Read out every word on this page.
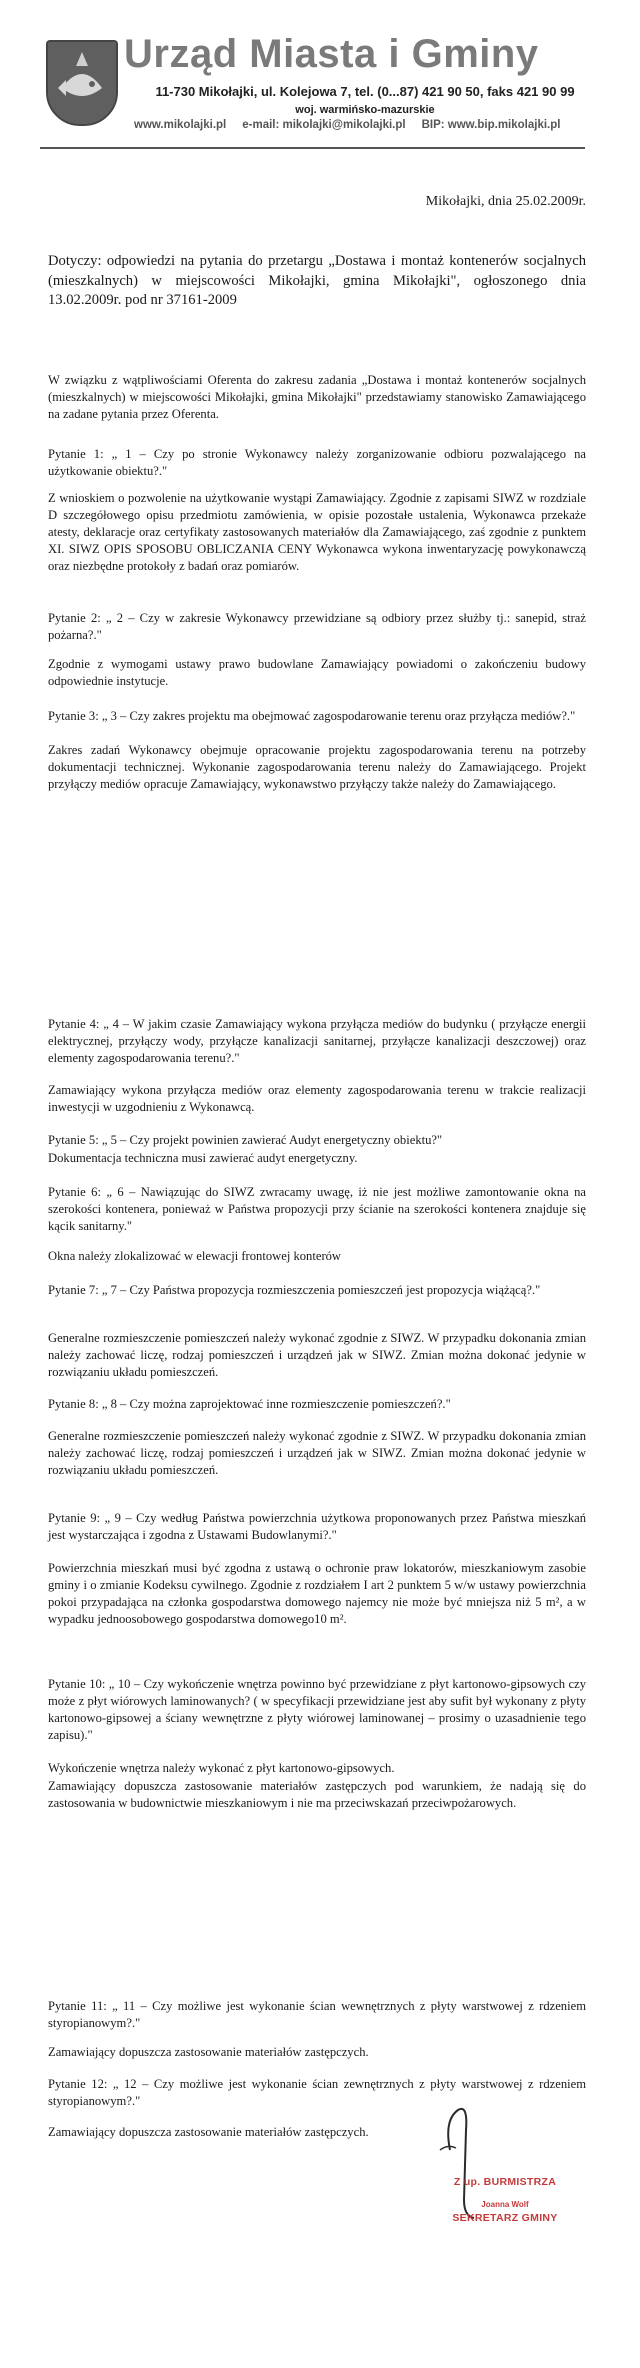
Urząd Miasta i Gminy
11-730 Mikołajki, ul. Kolejowa 7, tel. (0...87) 421 90 50, faks 421 90 99
woj. warmińsko-mazurskie
www.mikolajki.pl e-mail: mikolajki@mikolajki.pl BIP: www.bip.mikolajki.pl
Mikołajki, dnia 25.02.2009r.

Dotyczy: odpowiedzi na pytania do przetargu „Dostawa i montaż kontenerów socjalnych (mieszkalnych) w miejscowości Mikołajki, gmina Mikołajki", ogłoszonego dnia 13.02.2009r. pod nr 37161-2009

W związku z wątpliwościami Oferenta do zakresu zadania „Dostawa i montaż kontenerów socjalnych (mieszkalnych) w miejscowości Mikołajki, gmina Mikołajki" przedstawiamy stanowisko Zamawiającego na zadane pytania przez Oferenta.

Pytanie 1: „ 1 – Czy po stronie Wykonawcy należy zorganizowanie odbioru pozwalającego na użytkowanie obiektu?."

Z wnioskiem o pozwolenie na użytkowanie wystąpi Zamawiający. Zgodnie z zapisami SIWZ w rozdziale D szczegółowego opisu przedmiotu zamówienia, w opisie pozostałe ustalenia, Wykonawca przekaże atesty, deklaracje oraz certyfikaty zastosowanych materiałów dla Zamawiającego, zaś zgodnie z punktem XI. SIWZ OPIS SPOSOBU OBLICZANIA CENY Wykonawca wykona inwentaryzację powykonawczą oraz niezbędne protokoły z badań oraz pomiarów.

Pytanie 2: „ 2 – Czy w zakresie Wykonawcy przewidziane są odbiory przez służby tj.: sanepid, straż pożarna?."

Zgodnie z wymogami ustawy prawo budowlane Zamawiający powiadomi o zakończeniu budowy odpowiednie instytucje.

Pytanie 3: „ 3 – Czy zakres projektu ma obejmować zagospodarowanie terenu oraz przyłącza mediów?."

Zakres zadań Wykonawcy obejmuje opracowanie projektu zagospodarowania terenu na potrzeby dokumentacji technicznej. Wykonanie zagospodarowania terenu należy do Zamawiającego. Projekt przyłączy mediów opracuje Zamawiający, wykonawstwo przyłączy także należy do Zamawiającego.

Pytanie 4: „ 4 – W jakim czasie Zamawiający wykona przyłącza mediów do budynku ( przyłącze energii elektrycznej, przyłączy wody, przyłącze kanalizacji sanitarnej, przyłącze kanalizacji deszczowej) oraz elementy zagospodarowania terenu?."

Zamawiający wykona przyłącza mediów oraz elementy zagospodarowania terenu w trakcie realizacji inwestycji w uzgodnieniu z Wykonawcą.

Pytanie 5: „ 5 – Czy projekt powinien zawierać Audyt energetyczny obiektu?"

Dokumentacja techniczna musi zawierać audyt energetyczny.

Pytanie 6: „ 6 – Nawiązując do SIWZ zwracamy uwagę, iż nie jest możliwe zamontowanie okna na szerokości kontenera, ponieważ w Państwa propozycji przy ścianie na szerokości kontenera znajduje się kącik sanitarny."

Okna należy zlokalizować w elewacji frontowej konterów

Pytanie 7: „ 7 – Czy Państwa propozycja rozmieszczenia pomieszczeń jest propozycja wiążącą?."

Generalne rozmieszczenie pomieszczeń należy wykonać zgodnie z SIWZ. W przypadku dokonania zmian należy zachować liczę, rodzaj pomieszczeń i urządzeń jak w SIWZ. Zmian można dokonać jedynie w rozwiązaniu układu pomieszczeń.

Pytanie 8: „ 8 – Czy można zaprojektować inne rozmieszczenie pomieszczeń?."

Generalne rozmieszczenie pomieszczeń należy wykonać zgodnie z SIWZ. W przypadku dokonania zmian należy zachować liczę, rodzaj pomieszczeń i urządzeń jak w SIWZ. Zmian można dokonać jedynie w rozwiązaniu układu pomieszczeń.

Pytanie 9: „ 9 – Czy według Państwa powierzchnia użytkowa proponowanych przez Państwa mieszkań jest wystarczająca i zgodna z Ustawami Budowlanymi?."

Powierzchnia mieszkań musi być zgodna z ustawą o ochronie praw lokatorów, mieszkaniowym zasobie gminy i o zmianie Kodeksu cywilnego. Zgodnie z rozdziałem I art 2 punktem 5 w/w ustawy powierzchnia pokoi przypadająca na członka gospodarstwa domowego najemcy nie może być mniejsza niż 5 m², a w wypadku jednoosobowego gospodarstwa domowego10 m².

Pytanie 10: „ 10 – Czy wykończenie wnętrza powinno być przewidziane z płyt kartonowo-gipsowych czy może z płyt wiórowych laminowanych? ( w specyfikacji przewidziane jest aby sufit był wykonany z płyty kartonowo-gipsowej a ściany wewnętrzne z płyty wiórowej laminowanej – prosimy o uzasadnienie tego zapisu)."

Wykończenie wnętrza należy wykonać z płyt kartonowo-gipsowych.

Zamawiający dopuszcza zastosowanie materiałów zastępczych pod warunkiem, że nadają się do zastosowania w budownictwie mieszkaniowym i nie ma przeciwskazań przeciwpożarowych.

Pytanie 11: „ 11 – Czy możliwe jest wykonanie ścian wewnętrznych z płyty warstwowej z rdzeniem styropianowym?."

Zamawiający dopuszcza zastosowanie materiałów zastępczych.

Pytanie 12: „ 12 – Czy możliwe jest wykonanie ścian zewnętrznych z płyty warstwowej z rdzeniem styropianowym?."

Zamawiający dopuszcza zastosowanie materiałów zastępczych.

Z up. BURMISTRZA
Joanna Wolf
SEKRETARZ GMINY
